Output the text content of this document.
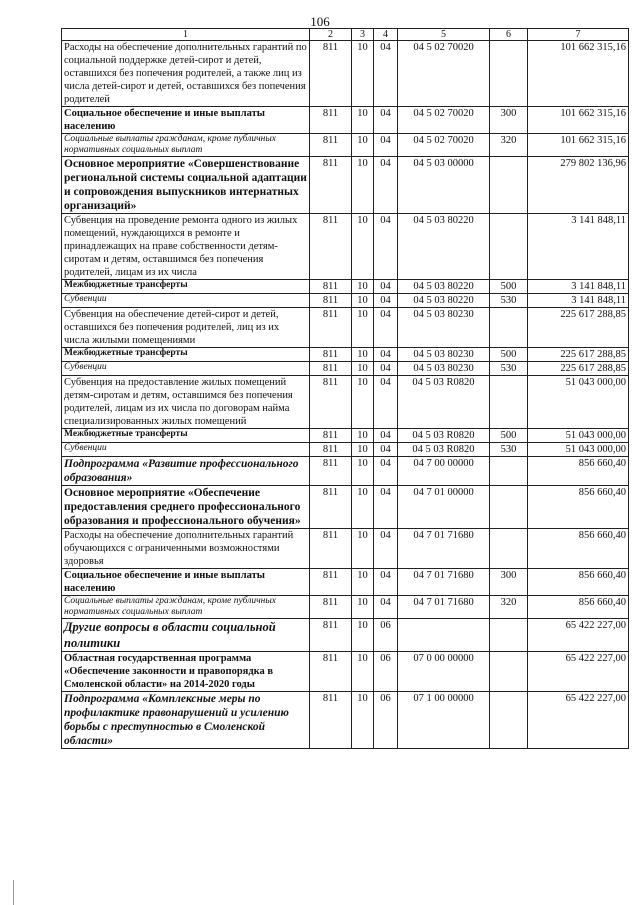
106
1	2	3	4	5	6	7
Расходы на обеспечение дополнительных гарантий по социальной поддержке детей-сирот и детей, оставшихся без попечения родителей, а также лиц из числа детей-сирот и детей, оставшихся без попечения родителей	811	10	04	04 5 02 70020		101 662 315,16
Социальное обеспечение и иные выплаты населению	811	10	04	04 5 02 70020	300	101 662 315,16
Социальные выплаты гражданам, кроме публичных нормативных социальных выплат	811	10	04	04 5 02 70020	320	101 662 315,16
Основное мероприятие «Совершенствование региональной системы социальной адаптации и сопровождения выпускников интернатных организаций»	811	10	04	04 5 03 00000		279 802 136,96
Субвенция на проведение ремонта одного из жилых помещений, нуждающихся в ремонте и принадлежащих на праве собственности детям-сиротам и детям, оставшимся без попечения родителей, лицам из их числа	811	10	04	04 5 03 80220		3 141 848,11
Межбюджетные трансферты	811	10	04	04 5 03 80220	500	3 141 848,11
Субвенции	811	10	04	04 5 03 80220	530	3 141 848,11
Субвенция на обеспечение детей-сирот и детей, оставшихся без попечения родителей, лиц из их числа жилыми помещениями	811	10	04	04 5 03 80230		225 617 288,85
Межбюджетные трансферты	811	10	04	04 5 03 80230	500	225 617 288,85
Субвенции	811	10	04	04 5 03 80230	530	225 617 288,85
Субвенция на предоставление жилых помещений детям-сиротам и детям, оставшимся без попечения родителей, лицам из их числа по договорам найма специализированных жилых помещений	811	10	04	04 5 03 R0820		51 043 000,00
Межбюджетные трансферты	811	10	04	04 5 03 R0820	500	51 043 000,00
Субвенции	811	10	04	04 5 03 R0820	530	51 043 000,00
Подпрограмма «Развитие профессионального образования»	811	10	04	04 7 00 00000		856 660,40
Основное мероприятие «Обеспечение предоставления среднего профессионального образования и профессионального обучения»	811	10	04	04 7 01 00000		856 660,40
Расходы на обеспечение дополнительных гарантий обучающихся с ограниченными возможностями здоровья	811	10	04	04 7 01 71680		856 660,40
Социальное обеспечение и иные выплаты населению	811	10	04	04 7 01 71680	300	856 660,40
Социальные выплаты гражданам, кроме публичных нормативных социальных выплат	811	10	04	04 7 01 71680	320	856 660,40
Другие вопросы в области социальной политики	811	10	06			65 422 227,00
Областная государственная программа «Обеспечение законности и правопорядка в Смоленской области» на 2014-2020 годы	811	10	06	07 0 00 00000		65 422 227,00
Подпрограмма «Комплексные меры по профилактике правонарушений и усилению борьбы с преступностью в Смоленской области»	811	10	06	07 1 00 00000		65 422 227,00
